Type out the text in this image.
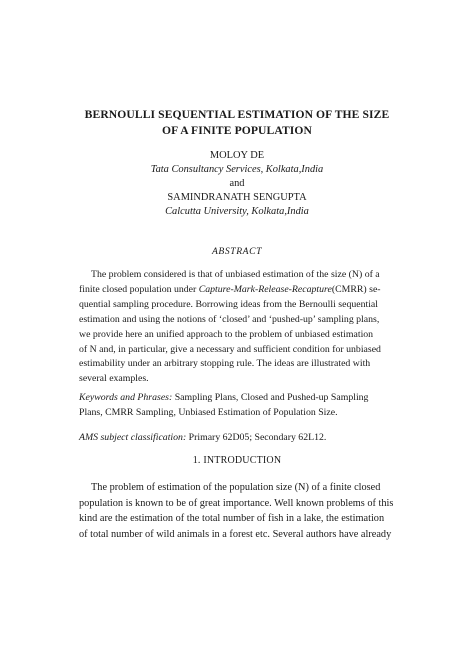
BERNOULLI SEQUENTIAL ESTIMATION OF THE SIZE
OF A FINITE POPULATION
MOLOY DE
Tata Consultancy Services, Kolkata,India
and
SAMINDRANATH SENGUPTA
Calcutta University, Kolkata,India
ABSTRACT
The problem considered is that of unbiased estimation of the size (N) of a
finite closed population under Capture-Mark-Release-Recapture(CMRR) se-
quential sampling procedure. Borrowing ideas from the Bernoulli sequential
estimation and using the notions of ‘closed’ and ‘pushed-up’ sampling plans,
we provide here an unified approach to the problem of unbiased estimation
of N and, in particular, give a necessary and sufficient condition for unbiased
estimability under an arbitrary stopping rule. The ideas are illustrated with
several examples.
Keywords and Phrases: Sampling Plans, Closed and Pushed-up Sampling
Plans, CMRR Sampling, Unbiased Estimation of Population Size.
AMS subject classification: Primary 62D05; Secondary 62L12.
1. INTRODUCTION
The problem of estimation of the population size (N) of a finite closed
population is known to be of great importance. Well known problems of this
kind are the estimation of the total number of fish in a lake, the estimation
of total number of wild animals in a forest etc. Several authors have already
